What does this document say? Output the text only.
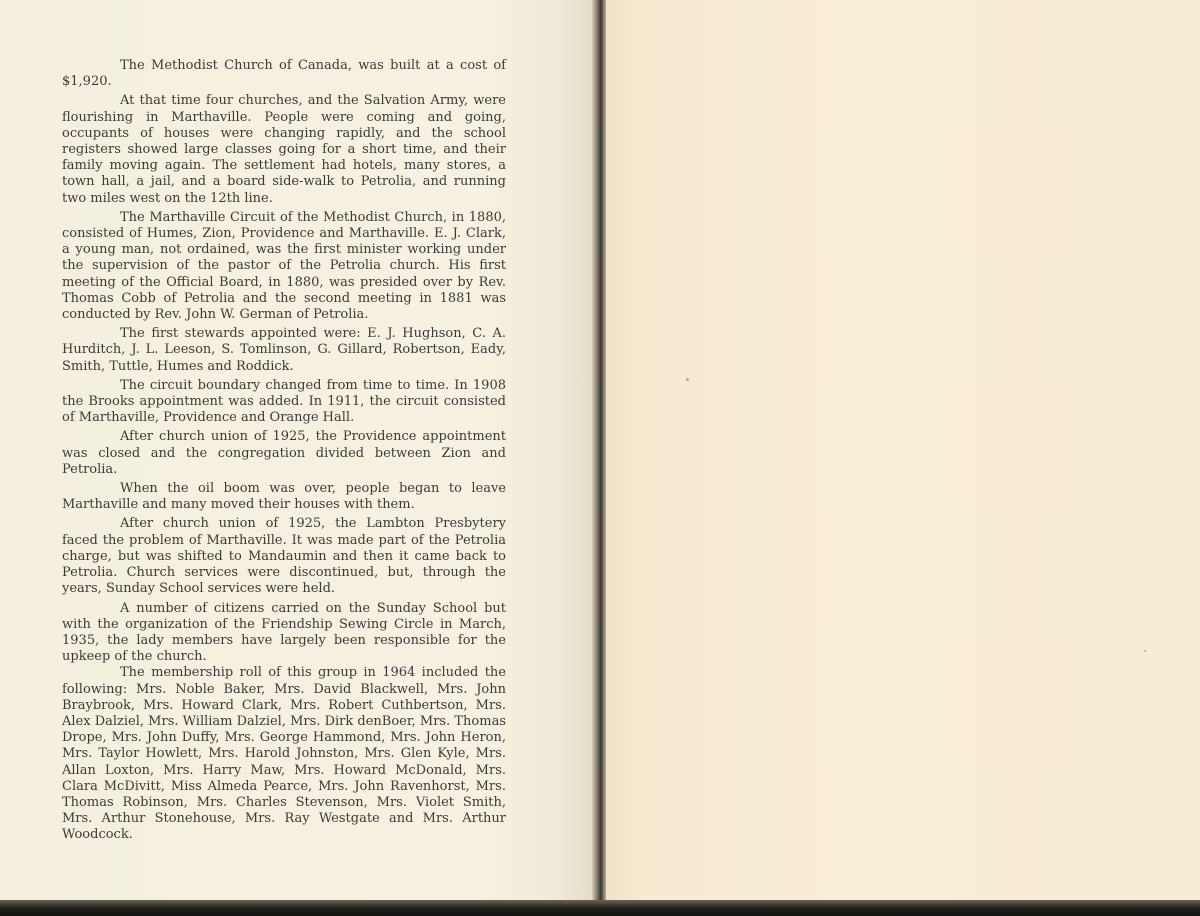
The Methodist Church of Canada, was built at a cost of $1,920.

At that time four churches, and the Salvation Army, were flourishing in Marthaville. People were coming and going, occupants of houses were changing rapidly, and the school registers showed large classes going for a short time, and their family moving again. The settlement had hotels, many stores, a town hall, a jail, and a board side-walk to Petrolia, and running two miles west on the 12th line.

The Marthaville Circuit of the Methodist Church, in 1880, consisted of Humes, Zion, Providence and Marthaville. E. J. Clark, a young man, not ordained, was the first minister working under the supervision of the pastor of the Petrolia church. His first meeting of the Official Board, in 1880, was presided over by Rev. Thomas Cobb of Petrolia and the second meeting in 1881 was conducted by Rev. John W. German of Petrolia.

The first stewards appointed were: E. J. Hughson, C. A. Hurditch, J. L. Leeson, S. Tomlinson, G. Gillard, Robertson, Eady, Smith, Tuttle, Humes and Roddick.

The circuit boundary changed from time to time. In 1908 the Brooks appointment was added. In 1911, the circuit consisted of Marthaville, Providence and Orange Hall.

After church union of 1925, the Providence appointment was closed and the congregation divided between Zion and Petrolia.

When the oil boom was over, people began to leave Marthaville and many moved their houses with them.

After church union of 1925, the Lambton Presbytery faced the problem of Marthaville. It was made part of the Petrolia charge, but was shifted to Mandaumin and then it came back to Petrolia. Church services were discontinued, but, through the years, Sunday School services were held.

A number of citizens carried on the Sunday School but with the organization of the Friendship Sewing Circle in March, 1935, the lady members have largely been responsible for the upkeep of the church.

The membership roll of this group in 1964 included the following: Mrs. Noble Baker, Mrs. David Blackwell, Mrs. John Braybrook, Mrs. Howard Clark, Mrs. Robert Cuthbertson, Mrs. Alex Dalziel, Mrs. William Dalziel, Mrs. Dirk denBoer, Mrs. Thomas Drope, Mrs. John Duffy, Mrs. George Hammond, Mrs. John Heron, Mrs. Taylor Howlett, Mrs. Harold Johnston, Mrs. Glen Kyle, Mrs. Allan Loxton, Mrs. Harry Maw, Mrs. Howard McDonald, Mrs. Clara McDivitt, Miss Almeda Pearce, Mrs. John Ravenhorst, Mrs. Thomas Robinson, Mrs. Charles Stevenson, Mrs. Violet Smith, Mrs. Arthur Stonehouse, Mrs. Ray Westgate and Mrs. Arthur Woodcock.
